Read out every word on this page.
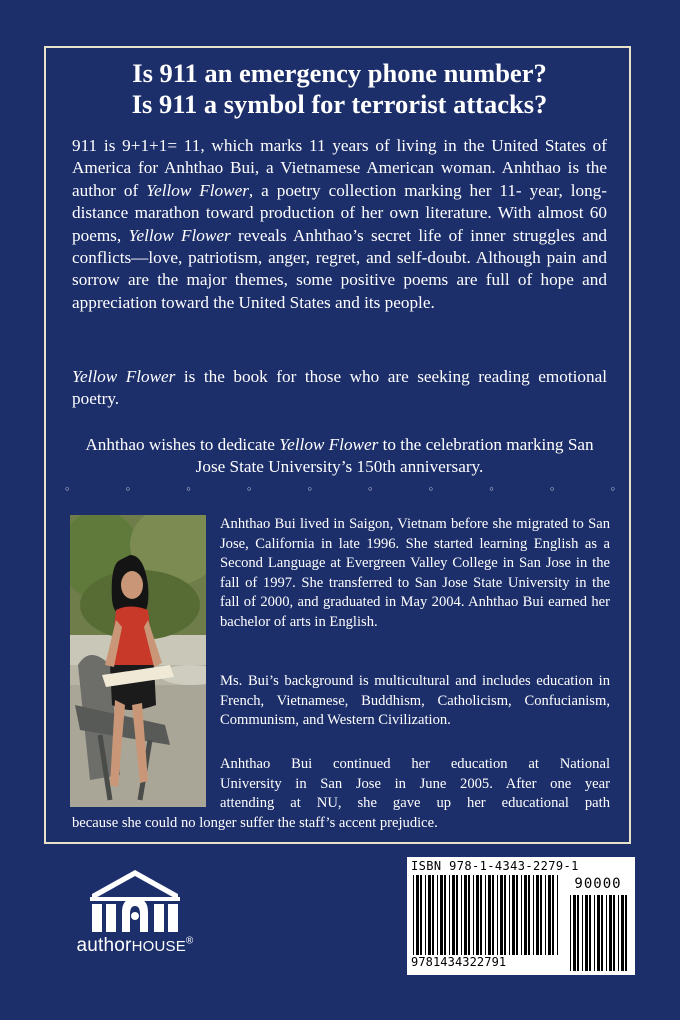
Is 911 an emergency phone number?
Is 911 a symbol for terrorist attacks?

911 is 9+1+1= 11, which marks 11 years of living in the United States of America for Anhthao Bui, a Vietnamese American woman. Anhthao is the author of Yellow Flower, a poetry collection marking her 11- year, long-distance marathon toward production of her own literature. With almost 60 poems, Yellow Flower reveals Anhthao’s secret life of inner struggles and conflicts—love, patriotism, anger, regret, and self-doubt. Although pain and sorrow are the major themes, some positive poems are full of hope and appreciation toward the United States and its people.

Yellow Flower is the book for those who are seeking reading emotional poetry.

Anhthao wishes to dedicate Yellow Flower to the celebration marking San Jose State University’s 150th anniversary.

◦	◦	◦	◦	◦	◦	◦	◦	◦	◦

Anhthao Bui lived in Saigon, Vietnam before she migrated to San Jose, California in late 1996. She started learning English as a Second Language at Evergreen Valley College in San Jose in the fall of 1997. She transferred to San Jose State University in the fall of 2000, and graduated in May 2004. Anhthao Bui earned her bachelor of arts in English.

Ms. Bui’s background is multicultural and includes education in French, Vietnamese, Buddhism, Catholicism, Confucianism, Communism, and Western Civilization.

Anhthao Bui continued her education at National
University in San Jose in June 2005. After one year
attending at NU, she gave up her educational path
because she could no longer suffer the staff’s accent prejudice.
authorHOUSE®
ISBN 978-1-4343-2279-1
90000
9781434322791
